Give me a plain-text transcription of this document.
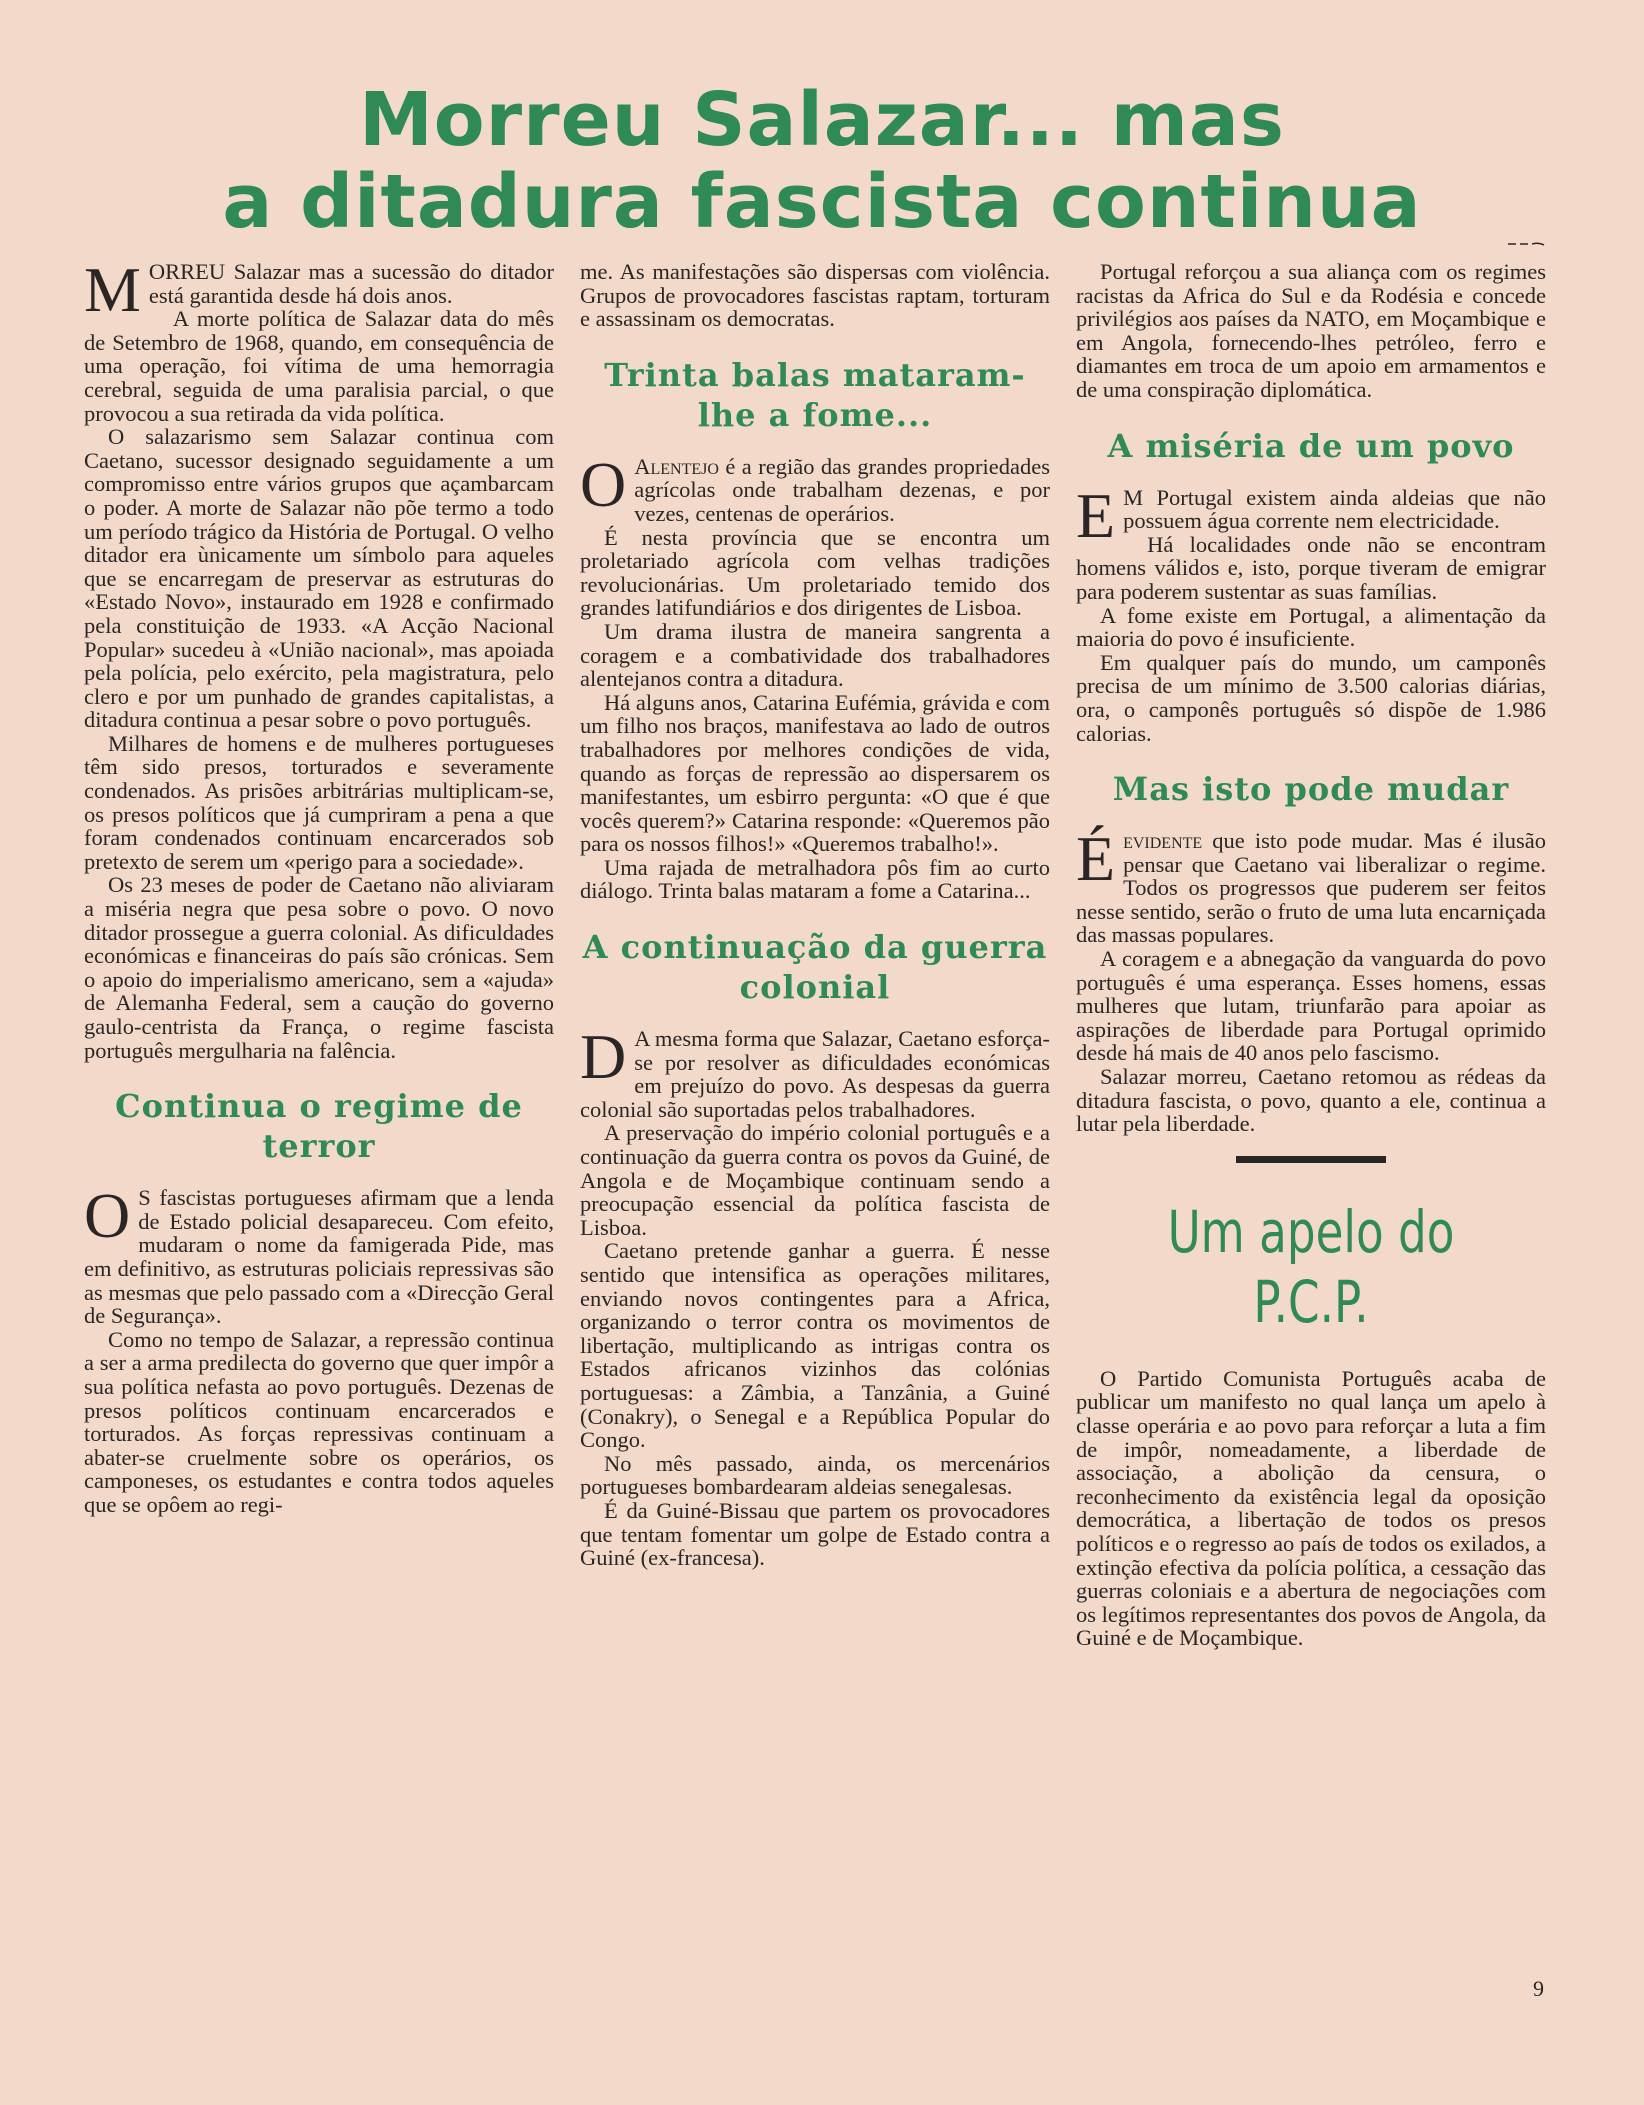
Morreu Salazar... mas
a ditadura fascista continua

MORREU Salazar mas a sucessão do ditador está garantida desde há dois anos.

A morte política de Salazar data do mês de Setembro de 1968, quando, em consequência de uma operação, foi vítima de uma hemorragia cerebral, seguida de uma paralisia parcial, o que provocou a sua retirada da vida política.

O salazarismo sem Salazar continua com Caetano, sucessor designado seguidamente a um compromisso entre vários grupos que açambarcam o poder. A morte de Salazar não põe termo a todo um período trágico da História de Portugal. O velho ditador era ùnicamente um símbolo para aqueles que se encarregam de preservar as estruturas do «Estado Novo», instaurado em 1928 e confirmado pela constituição de 1933. «A Acção Nacional Popular» sucedeu à «União nacional», mas apoiada pela polícia, pelo exército, pela magistratura, pelo clero e por um punhado de grandes capitalistas, a ditadura continua a pesar sobre o povo português.

Milhares de homens e de mulheres portugueses têm sido presos, torturados e severamente condenados. As prisões arbitrárias multiplicam-se, os presos políticos que já cumpriram a pena a que foram condenados continuam encarcerados sob pretexto de serem um «perigo para a sociedade».

Os 23 meses de poder de Caetano não aliviaram a miséria negra que pesa sobre o povo. O novo ditador prossegue a guerra colonial. As dificuldades económicas e financeiras do país são crónicas. Sem o apoio do imperialismo americano, sem a «ajuda» de Alemanha Federal, sem a caução do governo gaulo-centrista da França, o regime fascista português mergulharia na falência.

Continua o regime de terror

O S fascistas portugueses afirmam que a lenda de Estado policial desapareceu. Com efeito, mudaram o nome da famigerada Pide, mas em definitivo, as estruturas policiais repressivas são as mesmas que pelo passado com a «Direcção Geral de Segurança».

Como no tempo de Salazar, a repressão continua a ser a arma predilecta do governo que quer impôr a sua política nefasta ao povo português. Dezenas de presos políticos continuam encarcerados e torturados. As forças repressivas continuam a abater-se cruelmente sobre os operários, os camponeses, os estudantes e contra todos aqueles que se opôem ao regi-

me. As manifestações são dispersas com violência. Grupos de provocadores fascistas raptam, torturam e assassinam os democratas.

Trinta balas mataram-lhe a fome...

O Alentejo é a região das grandes propriedades agrícolas onde trabalham dezenas, e por vezes, centenas de operários.

É nesta província que se encontra um proletariado agrícola com velhas tradições revolucionárias. Um proletariado temido dos grandes latifundiários e dos dirigentes de Lisboa.

Um drama ilustra de maneira sangrenta a coragem e a combatividade dos trabalhadores alentejanos contra a ditadura.

Há alguns anos, Catarina Eufémia, grávida e com um filho nos braços, manifestava ao lado de outros trabalhadores por melhores condições de vida, quando as forças de repressão ao dispersarem os manifestantes, um esbirro pergunta: «O que é que vocês querem?» Catarina responde: «Queremos pão para os nossos filhos!» «Queremos trabalho!».

Uma rajada de metralhadora pôs fim ao curto diálogo. Trinta balas mataram a fome a Catarina...

A continuação da guerra colonial

D A mesma forma que Salazar, Caetano esforça-se por resolver as dificuldades económicas em prejuízo do povo. As despesas da guerra colonial são suportadas pelos trabalhadores.

A preservação do império colonial português e a continuação da guerra contra os povos da Guiné, de Angola e de Moçambique continuam sendo a preocupação essencial da política fascista de Lisboa.

Caetano pretende ganhar a guerra. É nesse sentido que intensifica as operações militares, enviando novos contingentes para a Africa, organizando o terror contra os movimentos de libertação, multiplicando as intrigas contra os Estados africanos vizinhos das colónias portuguesas: a Zâmbia, a Tanzânia, a Guiné (Conakry), o Senegal e a República Popular do Congo.

No mês passado, ainda, os mercenários portugueses bombardearam aldeias senegalesas.

É da Guiné-Bissau que partem os provocadores que tentam fomentar um golpe de Estado contra a Guiné (ex-francesa).

Portugal reforçou a sua aliança com os regimes racistas da Africa do Sul e da Rodésia e concede privilégios aos países da NATO, em Moçambique e em Angola, fornecendo-lhes petróleo, ferro e diamantes em troca de um apoio em armamentos e de uma conspiração diplomática.

A miséria de um povo

E M Portugal existem ainda aldeias que não possuem água corrente nem electricidade.

Há localidades onde não se encontram homens válidos e, isto, porque tiveram de emigrar para poderem sustentar as suas famílias.

A fome existe em Portugal, a alimentação da maioria do povo é insuficiente.

Em qualquer país do mundo, um camponês precisa de um mínimo de 3.500 calorias diárias, ora, o camponês português só dispõe de 1.986 calorias.

Mas isto pode mudar

Éevidente que isto pode mudar. Mas é ilusão pensar que Caetano vai liberalizar o regime. Todos os progressos que puderem ser feitos nesse sentido, serão o fruto de uma luta encarniçada das massas populares.

A coragem e a abnegação da vanguarda do povo português é uma esperança. Esses homens, essas mulheres que lutam, triunfarão para apoiar as aspirações de liberdade para Portugal oprimido desde há mais de 40 anos pelo fascismo.

Salazar morreu, Caetano retomou as rédeas da ditadura fascista, o povo, quanto a ele, continua a lutar pela liberdade.

Um apelo do P.C.P.

O Partido Comunista Português acaba de publicar um manifesto no qual lança um apelo à classe operária e ao povo para reforçar a luta a fim de impôr, nomeadamente, a liberdade de associação, a abolição da censura, o reconhecimento da existência legal da oposição democrática, a libertação de todos os presos políticos e o regresso ao país de todos os exilados, a extinção efectiva da polícia política, a cessação das guerras coloniais e a abertura de negociações com os legítimos representantes dos povos de Angola, da Guiné e de Moçambique.

9
